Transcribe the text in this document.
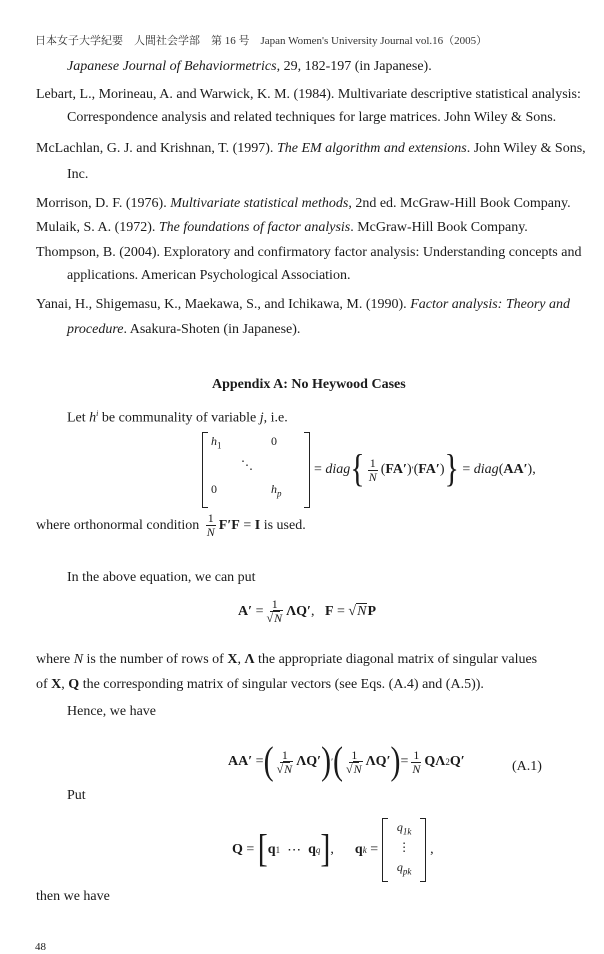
日本女子大学紀要　人間社会学部　第 16 号　Japan Women's University Journal vol.16（2005）
Japanese Journal of Behaviormetrics, 29, 182-197 (in Japanese).
Lebart, L., Morineau, A. and Warwick, K. M. (1984). Multivariate descriptive statistical analysis:
Correspondence analysis and related techniques for large matrices. John Wiley & Sons.
McLachlan, G. J. and Krishnan, T. (1997). The EM algorithm and extensions. John Wiley & Sons,
Inc.
Morrison, D. F. (1976). Multivariate statistical methods, 2nd ed. McGraw-Hill Book Company.
Mulaik, S. A. (1972). The foundations of factor analysis. McGraw-Hill Book Company.
Thompson, B. (2004). Exploratory and confirmatory factor analysis: Understanding concepts and
applications. American Psychological Association.
Yanai, H., Shigemasu, K., Maekawa, S., and Ichikawa, M. (1990). Factor analysis: Theory and
procedure. Asakura-Shoten (in Japanese).
Appendix A: No Heywood Cases
Let $h^i$ be communality of variable j, i.e.
$h_1$	0
⋱
0	$h_p$
=
diag { $\frac{1}{N}$ ( FA′ ) ′ ( FA′ ) }
=
diag ( AA′ ),
where orthonormal condition
$\frac{1}{N} F'F$
=
I
is used.
In the above equation, we can put
A′
= $\frac{1}{√N} \Lambda Q'$ , F
= √ N P
where N is the number of rows of X, Λ the appropriate diagonal matrix of singular values
of X, Q the corresponding matrix of singular vectors (see Eqs. (A.4) and (A.5)).
Hence, we have
AA′
= ( $\frac{1}{√N} \Lambda Q'$ ) ′ ( $\frac{1}{√N} \Lambda Q'$ ) = $\frac{1}{N}$ QΛ 2 Q′	(A.1)
Put
Q
=
[ q 1
⋯
q q ] , q k
=
$q_{1k}$
⋮
$q_{pk}$
,
then we have
48
